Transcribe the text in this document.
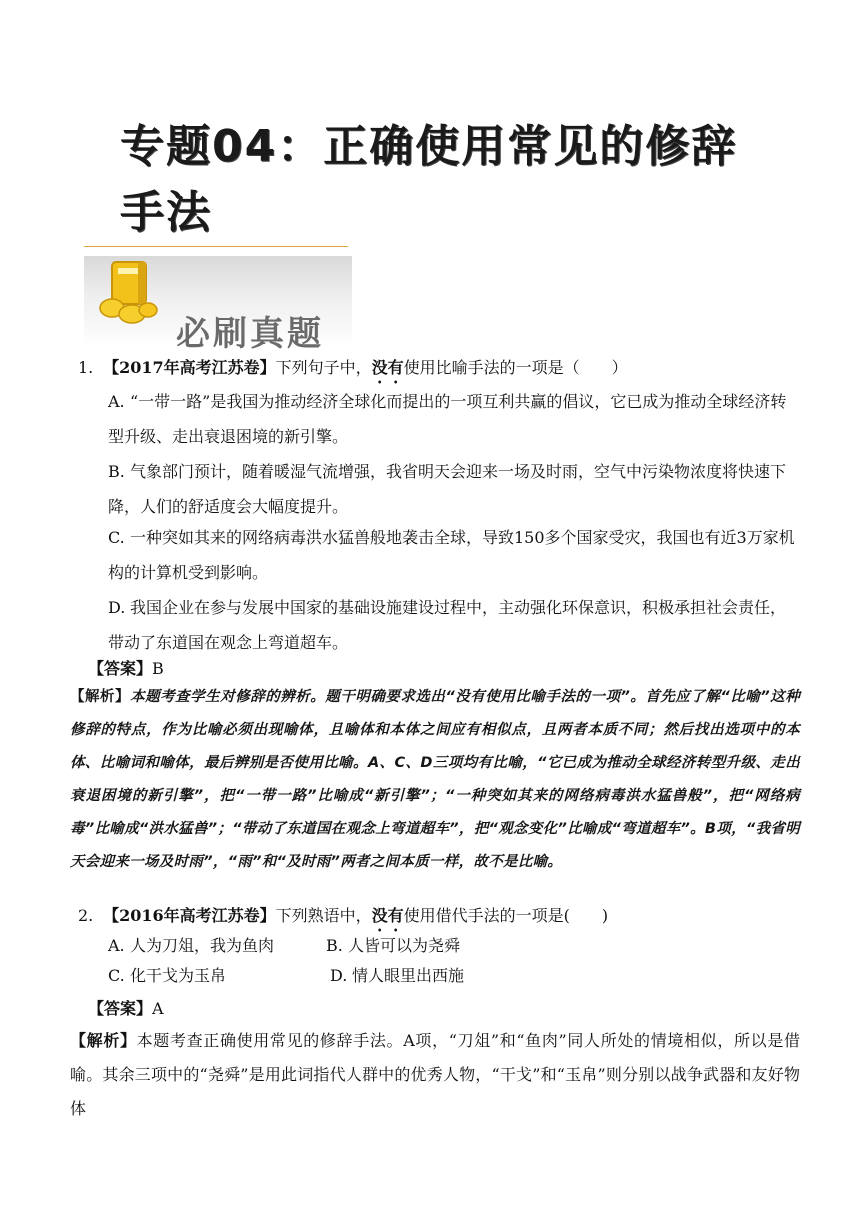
专题04：正确使用常见的修辞
手法
必刷真题
1. 【2017年高考江苏卷】下列句子中，没有使用比喻手法的一项是（　　）
A. “一带一路”是我国为推动经济全球化而提出的一项互利共赢的倡议，它已成为推动全球经济转型升级、走出衰退困境的新引擎。
B. 气象部门预计，随着暖湿气流增强，我省明天会迎来一场及时雨，空气中污染物浓度将快速下降，人们的舒适度会大幅度提升。
C. 一种突如其来的网络病毒洪水猛兽般地袭击全球，导致150多个国家受灾，我国也有近3万家机构的计算机受到影响。
D. 我国企业在参与发展中国家的基础设施建设过程中，主动强化环保意识，积极承担社会责任，带动了东道国在观念上弯道超车。
【答案】B
【解析】本题考查学生对修辞的辨析。题干明确要求选出“没有使用比喻手法的一项”。首先应了解“比喻”这种修辞的特点，作为比喻必须出现喻体，且喻体和本体之间应有相似点，且两者本质不同；然后找出选项中的本体、比喻词和喻体，最后辨别是否使用比喻。A、C、D三项均有比喻，“它已成为推动全球经济转型升级、走出衰退困境的新引擎”，把“一带一路”比喻成“新引擎”；“一种突如其来的网络病毒洪水猛兽般”，把“网络病毒”比喻成“洪水猛兽”；“带动了东道国在观念上弯道超车”，把“观念变化”比喻成“弯道超车”。B项，“我省明天会迎来一场及时雨”，“雨”和“及时雨”两者之间本质一样，故不是比喻。
2. 【2016年高考江苏卷】下列熟语中，没有使用借代手法的一项是(　　)
A. 人为刀俎，我为鱼肉	B. 人皆可以为尧舜
C. 化干戈为玉帛	D. 情人眼里出西施
【答案】A
【解析】本题考查正确使用常见的修辞手法。A项，“刀俎”和“鱼肉”同人所处的情境相似，所以是借喻。其余三项中的“尧舜”是用此词指代人群中的优秀人物，“干戈”和“玉帛”则分别以战争武器和友好物体
